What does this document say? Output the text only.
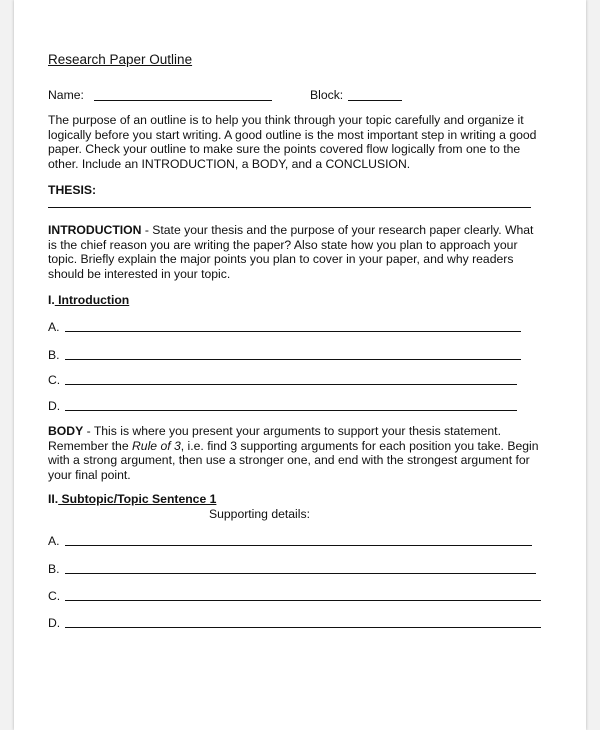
Research Paper Outline
Name:	Block:
The purpose of an outline is to help you think through your topic carefully and organize it logically before you start writing. A good outline is the most important step in writing a good paper. Check your outline to make sure the points covered flow logically from one to the other. Include an INTRODUCTION, a BODY, and a CONCLUSION.
THESIS:
INTRODUCTION - State your thesis and the purpose of your research paper clearly. What is the chief reason you are writing the paper? Also state how you plan to approach your topic. Briefly explain the major points you plan to cover in your paper, and why readers should be interested in your topic.
I. Introduction
A.
B.
C.
D.
BODY - This is where you present your arguments to support your thesis statement. Remember the Rule of 3, i.e. find 3 supporting arguments for each position you take. Begin with a strong argument, then use a stronger one, and end with the strongest argument for your final point.
II. Subtopic/Topic Sentence 1
Supporting details:
A.
B.
C.
D.
